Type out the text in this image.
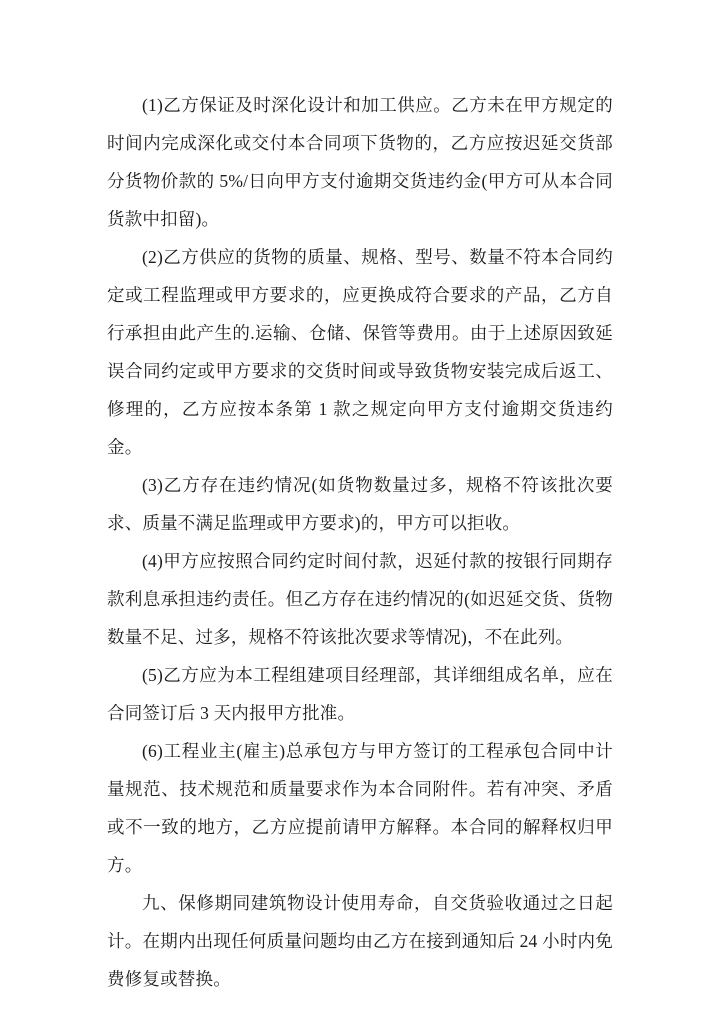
(1)乙方保证及时深化设计和加工供应。乙方未在甲方规定的时间内完成深化或交付本合同项下货物的，乙方应按迟延交货部分货物价款的 5%/日向甲方支付逾期交货违约金(甲方可从本合同货款中扣留)。

(2)乙方供应的货物的质量、规格、型号、数量不符本合同约定或工程监理或甲方要求的，应更换成符合要求的产品，乙方自行承担由此产生的.运输、仓储、保管等费用。由于上述原因致延误合同约定或甲方要求的交货时间或导致货物安装完成后返工、修理的，乙方应按本条第 1 款之规定向甲方支付逾期交货违约金。

(3)乙方存在违约情况(如货物数量过多，规格不符该批次要求、质量不满足监理或甲方要求)的，甲方可以拒收。

(4)甲方应按照合同约定时间付款，迟延付款的按银行同期存款利息承担违约责任。但乙方存在违约情况的(如迟延交货、货物数量不足、过多，规格不符该批次要求等情况)，不在此列。

(5)乙方应为本工程组建项目经理部，其详细组成名单，应在合同签订后 3 天内报甲方批准。

(6)工程业主(雇主)总承包方与甲方签订的工程承包合同中计量规范、技术规范和质量要求作为本合同附件。若有冲突、矛盾或不一致的地方，乙方应提前请甲方解释。本合同的解释权归甲方。

九、保修期同建筑物设计使用寿命，自交货验收通过之日起计。在期内出现任何质量问题均由乙方在接到通知后 24 小时内免费修复或替换。
